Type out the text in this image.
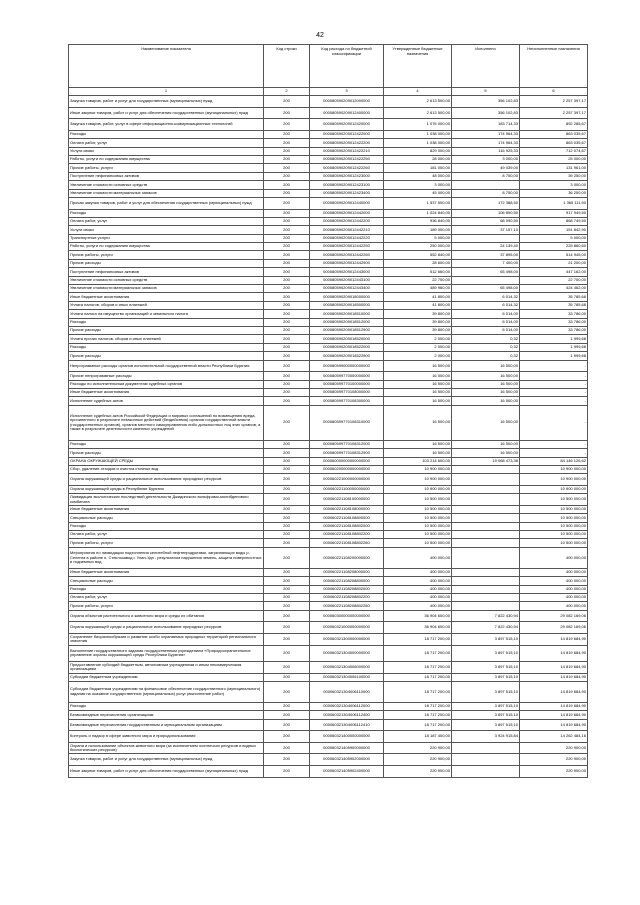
42
Наименование показателя	Код строки	Код расхода по бюджетной классификации	Утвержденные бюджетные назначения	Исполнено	Неисполненные назначения
1	2	3	4	5	6
Закупка товаров, работ и услуг для государственных (муниципальных) нужд	200	000080590209012000000	2 613 500,00	356 102,83	2 257 397,17
Иные закупки товаров, работ и услуг для обеспечения государственных (муниципальных) нужд	200	000080590209012400000	2 613 500,00	356 102,83	2 257 397,17
Закупка товаров, работ, услуг в сфере информационно-коммуникационных технологий	200	000080590209012420000	1 076 000,00	183 714,33	892 285,67
Расходы	200	000080590209012422000	1 038 000,00	174 964,33	863 035,67
Оплата работ, услуг	200	000080590209012422200	1 038 000,00	174 964,33	863 035,67
Услуги связи	200	000080590209012422210	829 000,00	116 925,33	712 074,67
Работы, услуги по содержанию имущества	200	000080590209012422250	28 000,00	3 000,00	25 000,00
Прочие работы, услуги	200	000080590209012422260	181 000,00	49 039,00	131 961,00
Поступление нефинансовых активов	200	000080590209012423000	48 000,00	8 750,00	39 250,00
Увеличение стоимости основных средств	200	000080590209012423100	3 000,00		3 000,00
Увеличение стоимости материальных запасов	200	000080590209012423400	45 000,00	8 750,00	36 250,00
Прочая закупка товаров, работ и услуг для обеспечения государственных (муниципальных) нужд	200	000080590209012440000	1 537 500,00	172 388,50	1 365 111,50
Расходы	200	000080590209012442000	1 024 840,00	106 890,50	917 949,50
Оплата работ, услуг	200	000080590209012442200	936 840,00	68 090,50	868 749,50
Услуги связи	200	000080590209012442210	189 000,00	37 157,10	151 842,90
Транспортные услуги	200	000080590209012442220	5 000,00		5 000,00
Работы, услуги по содержанию имущества	200	000080590209012442250	250 000,00	24 139,40	225 860,60
Прочие работы, услуги	200	000080590209012442260	552 840,00	37 895,00	514 945,00
Прочие расходы	200	000080590209012442900	28 600,00	7 400,00	21 200,00
Поступление нефинансовых активов	200	000080590209012443000	512 660,00	65 498,00	447 162,00
Увеличение стоимости основных средств	200	000080590209012443100	22 700,00		22 700,00
Увеличение стоимости материальных запасов	200	000080590209012443400	489 960,00	65 498,00	424 462,00
Иные бюджетные ассигнования	200	000080590209018000000	41 800,00	6 014,32	35 785,68
Уплата налогов, сборов и иных платежей	200	000080590209018500000	41 800,00	6 014,32	35 785,68
Уплата налога на имущество организаций и земельного налога	200	000080590209018510000	39 800,00	6 014,00	33 786,00
Расходы	200	000080590209018512000	39 800,00	6 014,00	33 786,00
Прочие расходы	200	000080590209018512900	39 800,00	6 014,00	33 786,00
Уплата прочих налогов, сборов и иных платежей	200	000080590209018520000	2 000,00	0,32	1 999,68
Расходы	200	000080590209018522000	2 000,00	0,32	1 999,68
Прочие расходы	200	000080590209018522900	2 000,00	0,32	1 999,68
Непрограммные расходы органов исполнительной государственной власти Республики Бурятия	200	000080599000000000000	16 500,00	16 500,00	-
Прочие непрограммные расходы	200	000080599770000000000	16 500,00	16 500,00	-
Расходы по исполнительным документам судебных органов	200	000080599770100000000	16 500,00	16 500,00	-
Иные бюджетные ассигнования	200	000080599770108000000	16 500,00	16 500,00	-
Исполнение судебных актов	200	000080599770108300000	16 500,00	16 500,00	-
Исполнение судебных актов Российской Федерации и мировых соглашений по возмещению вреда, причиненного в результате незаконных действий (бездействия) органов государственной власти (государственных органов), органов местного самоуправления либо должностных лиц этих органов, а также в результате деятельности казенных учреждений	200	000080599770108310000	16 500,00	16 500,00	-
Расходы	200	000080599770108312000	16 500,00	16 500,00	-
Прочие расходы	200	000080599770108312900	16 500,00	16 500,00	-
ОХРАНА ОКРУЖАЮЩЕЙ СРЕДЫ	200	000060000000000000000	103 214 600,00	19 068 473,38	84 146 126,62
Сбор, удаление отходов и очистка сточных вод	200	000060200000000000000	10 900 000,00		10 900 000,00
Охрана окружающей среды и рациональное использование природных ресурсов	200	000060221000000000000	10 900 000,00		10 900 000,00
Охрана окружающей среды в Республике Бурятия	200	000060221100000000000	10 900 000,00		10 900 000,00
Ликвидация экологических последствий деятельности Джидинского вольфрамо-молибденового комбината	200	000060221108100000000	10 500 000,00		10 500 000,00
Иные бюджетные ассигнования	200	000060221108108000000	10 500 000,00		10 500 000,00
Специальные расходы	200	000060221108108800000	10 500 000,00		10 500 000,00
Расходы	200	000060221108108802000	10 500 000,00		10 500 000,00
Оплата работ, услуг	200	000060221108108802200	10 500 000,00		10 500 000,00
Прочие работы, услуги	200	000060221108108802260	10 500 000,00		10 500 000,00
Мероприятия по ликвидации подтопления селитебной нефтепродуктами, загрязняющих воды р. Селенга в районе п. Стеклозавод г. Улан-Удэ - результатом нарушения земель, защита поверхностных и подземных вод	200	000060221108200000000	400 000,00		400 000,00
Иные бюджетные ассигнования	200	000060221108208000000	400 000,00		400 000,00
Специальные расходы	200	000060221108208800000	400 000,00		400 000,00
Расходы	200	000060221108208802000	400 000,00		400 000,00
Оплата работ, услуг	200	000060221108208802200	400 000,00		400 000,00
Прочие работы, услуги	200	000060221108208802260	400 000,00		400 000,00
Охрана объектов растительного и животного мира и среды их обитания	200	000060300000000000000	36 904 600,00	7 822 430,94	29 082 169,06
Охрана окружающей среды и рациональное использование природных ресурсов	200	000060321000000000000	36 904 600,00	7 822 430,94	29 082 169,06
Сохранение биоразнообразия и развитие особо охраняемых природных территорий регионального значения	200	000060321300000000000	18 717 200,00	3 897 515,10	14 819 684,90
Выполнение государственного задания государственным учреждением «Природоохранительное управление охраны окружающей среды Республики Бурятия»	200	000060321304000000000	18 717 200,00	3 897 515,10	14 819 684,90
Предоставление субсидий бюджетным, автономным учреждениям и иным некоммерческим организациям	200	000060321304006000000	18 717 200,00	3 897 515,10	14 819 684,90
Субсидии бюджетным учреждениям	200	000060321304006100000	18 717 200,00	3 897 515,10	14 819 684,90
Субсидии бюджетным учреждениям на финансовое обеспечение государственного (муниципального) задания на оказание государственных (муниципальных) услуг (выполнение работ)	200	000060321304006110000	18 717 200,00	3 897 515,10	14 819 684,90
Расходы	200	000060321304006112000	18 717 200,00	3 897 515,10	14 819 684,90
Безвозмездные перечисления организациям	200	000060321304006112400	18 717 200,00	3 897 515,10	14 819 684,90
Безвозмездные перечисления государственным и муниципальным организациям	200	000060321304006112410	18 717 200,00	3 897 515,10	14 819 684,90
Контроль и надзор в сфере животного мира и природопользования	200	000060321400000000000	18 187 400,00	3 924 915,84	14 262 484,16
Охрана и использование объектов животного мира (за исключением охотничьих ресурсов и водных биологических ресурсов)	200	000060321405900000000	220 900,00		220 900,00
Закупка товаров, работ и услуг для государственных (муниципальных) нужд	200	000060321405902000000	220 900,00		220 900,00
Иные закупки товаров, работ и услуг для обеспечения государственных (муниципальных) нужд	200	000060321405902400000	220 900,00		220 900,00
